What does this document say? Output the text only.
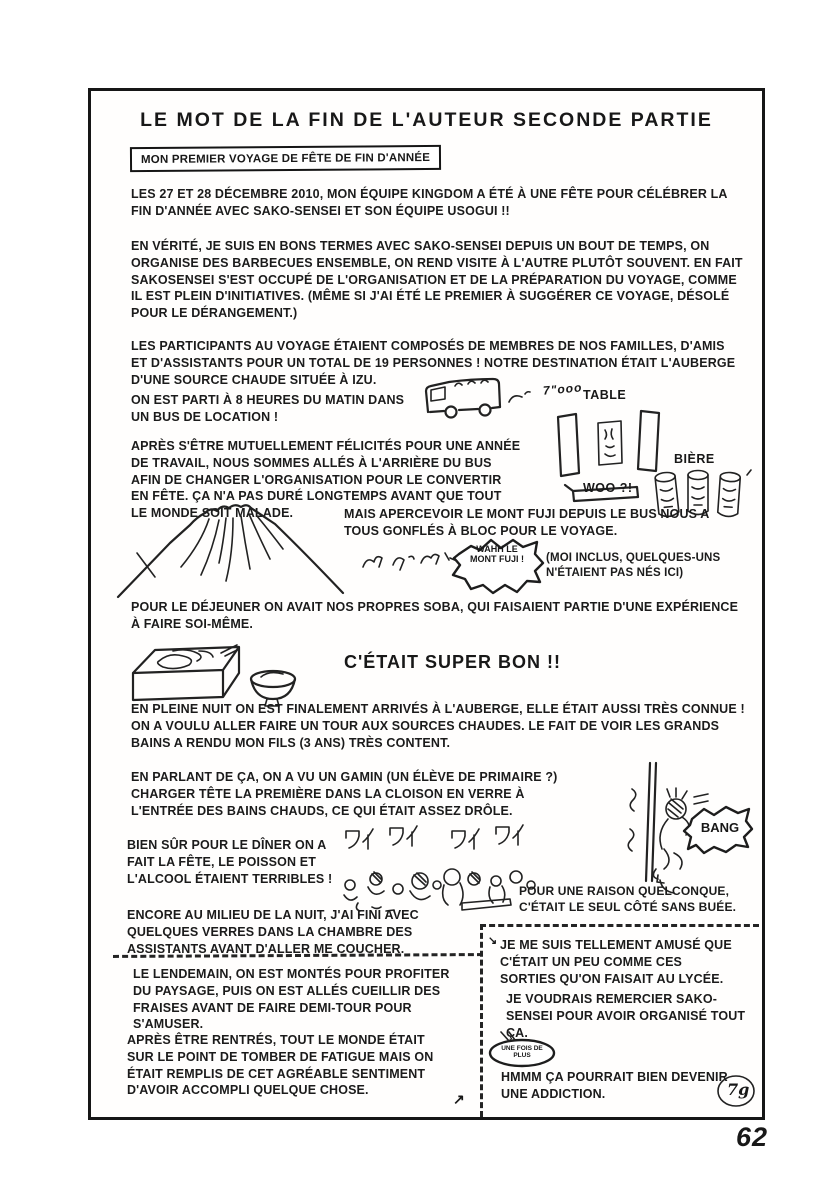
LE MOT DE LA FIN DE L'AUTEUR SECONDE PARTIE
MON PREMIER VOYAGE DE FÊTE DE FIN D'ANNÉE
LES 27 ET 28 DÉCEMBRE 2010, MON ÉQUIPE KINGDOM A ÉTÉ À UNE FÊTE POUR CÉLÉBRER LA FIN D'ANNÉE AVEC SAKO-SENSEI ET SON ÉQUIPE USOGUI !!
EN VÉRITÉ, JE SUIS EN BONS TERMES AVEC SAKO-SENSEI DEPUIS UN BOUT DE TEMPS, ON ORGANISE DES BARBECUES ENSEMBLE, ON REND VISITE À L'AUTRE PLUTÔT SOUVENT. EN FAIT SAKOSENSEI S'EST OCCUPÉ DE L'ORGANISATION ET DE LA PRÉPARATION DU VOYAGE, COMME IL EST PLEIN D'INITIATIVES. (MÊME SI J'AI ÉTÉ LE PREMIER À SUGGÉRER CE VOYAGE, DÉSOLÉ POUR LE DÉRANGEMENT.)
LES PARTICIPANTS AU VOYAGE ÉTAIENT COMPOSÉS DE MEMBRES DE NOS FAMILLES, D'AMIS ET D'ASSISTANTS POUR UN TOTAL DE 19 PERSONNES ! NOTRE DESTINATION ÉTAIT L'AUBERGE D'UNE SOURCE CHAUDE SITUÉE À IZU.
ON EST PARTI À 8 HEURES DU MATIN DANS UN BUS DE LOCATION !
7"ooo TABLE
APRÈS S'ÊTRE MUTUELLEMENT FÉLICITÉS POUR UNE ANNÉE DE TRAVAIL, NOUS SOMMES ALLÉS À L'ARRIÈRE DU BUS AFIN DE CHANGER L'ORGANISATION POUR LE CONVERTIR EN FÊTE. ÇA N'A PAS DURÉ LONGTEMPS AVANT QUE TOUT LE MONDE SOIT MALADE.
BIÈRE
WOO ?!
MAIS APERCEVOIR LE MONT FUJI DEPUIS LE BUS NOUS A TOUS GONFLÉS À BLOC POUR LE VOYAGE.
WAHH LE MONT FUJI !	(MOI INCLUS, QUELQUES-UNS N'ÉTAIENT PAS NÉS ICI)
POUR LE DÉJEUNER ON AVAIT NOS PROPRES SOBA, QUI FAISAIENT PARTIE D'UNE EXPÉRIENCE À FAIRE SOI-MÊME.
C'ÉTAIT SUPER BON !!
EN PLEINE NUIT ON EST FINALEMENT ARRIVÉS À L'AUBERGE, ELLE ÉTAIT AUSSI TRÈS CONNUE ! ON A VOULU ALLER FAIRE UN TOUR AUX SOURCES CHAUDES. LE FAIT DE VOIR LES GRANDS BAINS A RENDU MON FILS (3 ANS) TRÈS CONTENT.
EN PARLANT DE ÇA, ON A VU UN GAMIN (UN ÉLÈVE DE PRIMAIRE ?) CHARGER TÊTE LA PREMIÈRE DANS LA CLOISON EN VERRE À L'ENTRÉE DES BAINS CHAUDS, CE QUI ÉTAIT ASSEZ DRÔLE.
BANG
BIEN SÛR POUR LE DÎNER ON A FAIT LA FÊTE, LE POISSON ET L'ALCOOL ÉTAIENT TERRIBLES !
POUR UNE RAISON QUELCONQUE, C'ÉTAIT LE SEUL CÔTÉ SANS BUÉE.
ENCORE AU MILIEU DE LA NUIT, J'AI FINI AVEC QUELQUES VERRES DANS LA CHAMBRE DES ASSISTANTS AVANT D'ALLER ME COUCHER.
LE LENDEMAIN, ON EST MONTÉS POUR PROFITER DU PAYSAGE, PUIS ON EST ALLÉS CUEILLIR DES FRAISES AVANT DE FAIRE DEMI-TOUR POUR S'AMUSER.
APRÈS ÊTRE RENTRÉS, TOUT LE MONDE ÉTAIT SUR LE POINT DE TOMBER DE FATIGUE MAIS ON ÉTAIT REMPLIS DE CET AGRÉABLE SENTIMENT D'AVOIR ACCOMPLI QUELQUE CHOSE.
↗
↘ JE ME SUIS TELLEMENT AMUSÉ QUE C'ÉTAIT UN PEU COMME CES SORTIES QU'ON FAISAIT AU LYCÉE.
JE VOUDRAIS REMERCIER SAKO-SENSEI POUR AVOIR ORGANISÉ TOUT ÇA.
UNE FOIS DE PLUS
HMMM ÇA POURRAIT BIEN DEVENIR UNE ADDICTION.	7g
62
